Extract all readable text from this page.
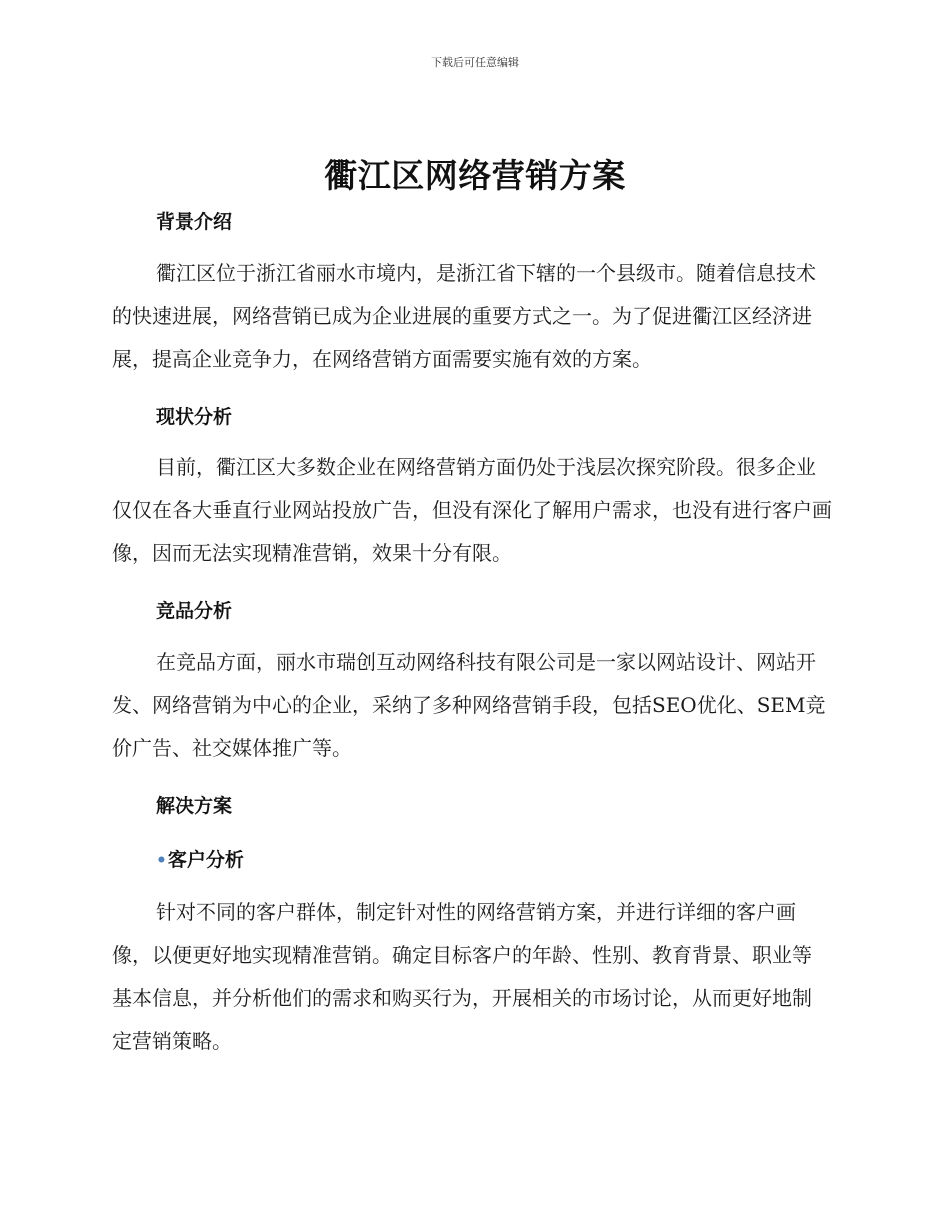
下载后可任意编辑
衢江区网络营销方案
背景介绍

衢江区位于浙江省丽水市境内，是浙江省下辖的一个县级市。随着信息技术的快速进展，网络营销已成为企业进展的重要方式之一。为了促进衢江区经济进展，提高企业竞争力，在网络营销方面需要实施有效的方案。

现状分析

目前，衢江区大多数企业在网络营销方面仍处于浅层次探究阶段。很多企业仅仅在各大垂直行业网站投放广告，但没有深化了解用户需求，也没有进行客户画像，因而无法实现精准营销，效果十分有限。

竞品分析

在竞品方面，丽水市瑞创互动网络科技有限公司是一家以网站设计、网站开发、网络营销为中心的企业，采纳了多种网络营销手段，包括SEO优化、SEM竞价广告、社交媒体推广等。

解决方案
•客户分析

针对不同的客户群体，制定针对性的网络营销方案，并进行详细的客户画像，以便更好地实现精准营销。确定目标客户的年龄、性别、教育背景、职业等基本信息，并分析他们的需求和购买行为，开展相关的市场讨论，从而更好地制定营销策略。
